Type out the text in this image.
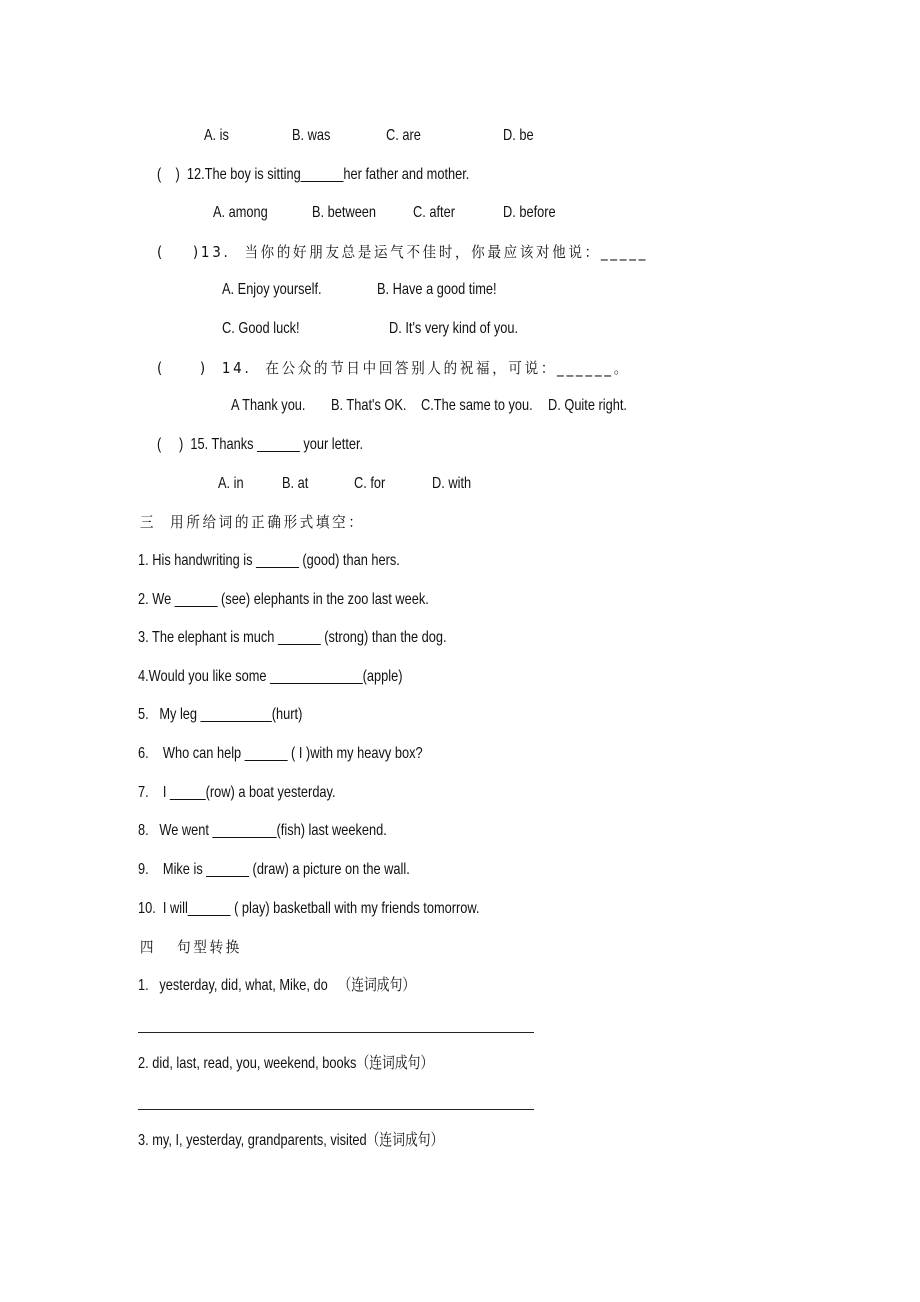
A. is	B. was	C. are	D. be
(    )  12.The boy is sitting______her father and mother.
A. among	B. between C. after	D. before
(    )13.  当你的好朋友总是运气不佳时，你最应该对他说：_____
A. Enjoy yourself.	B. Have a good time!
C. Good luck!	D. It's very kind of you.
(     )  14.  在公众的节日中回答别人的祝福，可说：______。
A Thank you. B. That's OK. C.The same to you. D. Quite right.
(     )  15. Thanks ______ your letter.
A. in B. at	C. for	D. with
三  用所给词的正确形式填空：
1. His handwriting is ______ (good) than hers.
2. We ______ (see) elephants in the zoo last week.
3. The elephant is much ______ (strong) than the dog.
4.Would you like some _____________(apple)
5.   My leg __________(hurt)
6.    Who can help ______ ( I )with my heavy box?
7.    I _____(row) a boat yesterday.
8.   We went _________(fish) last weekend.
9.    Mike is ______ (draw) a picture on the wall.
10.  I will______ ( play) basketball with my friends tomorrow.
四   句型转换
1.   yesterday, did, what, Mike, do   （连词成句）
2. did, last, read, you, weekend, books（连词成句）
3. my, I, yesterday, grandparents, visited（连词成句）
